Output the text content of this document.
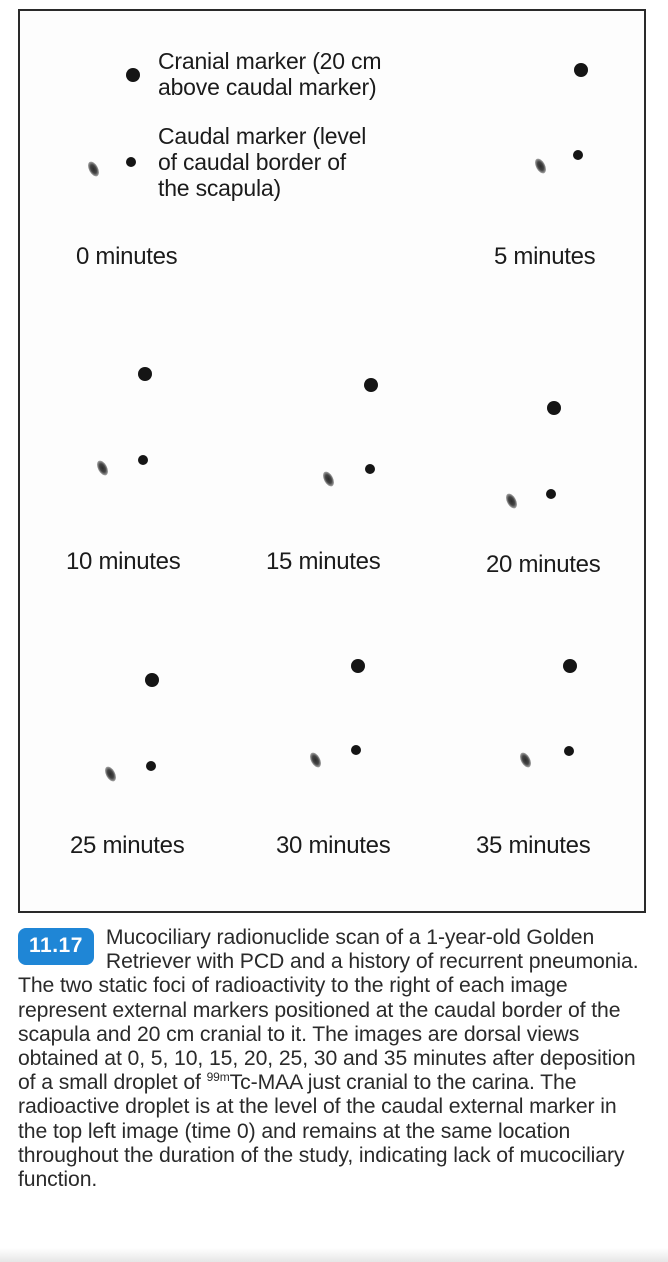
Cranial marker (20 cm
above caudal marker)
Caudal marker (level
of caudal border of
the scapula)
0 minutes	5 minutes
10 minutes	15 minutes	20 minutes
25 minutes	30 minutes	35 minutes
11.17	Mucociliary radionuclide scan of a 1-year-old Golden Retriever with PCD and a history of recurrent pneumonia. The two static foci of radioactivity to the right of each image represent external markers positioned at the caudal border of the scapula and 20 cm cranial to it. The images are dorsal views obtained at 0, 5, 10, 15, 20, 25, 30 and 35 minutes after deposition of a small droplet of $^{99m}$Tc-MAA just cranial to the carina. The radioactive droplet is at the level of the caudal external marker in the top left image (time 0) and remains at the same location throughout the duration of the study, indicating lack of mucociliary function.
